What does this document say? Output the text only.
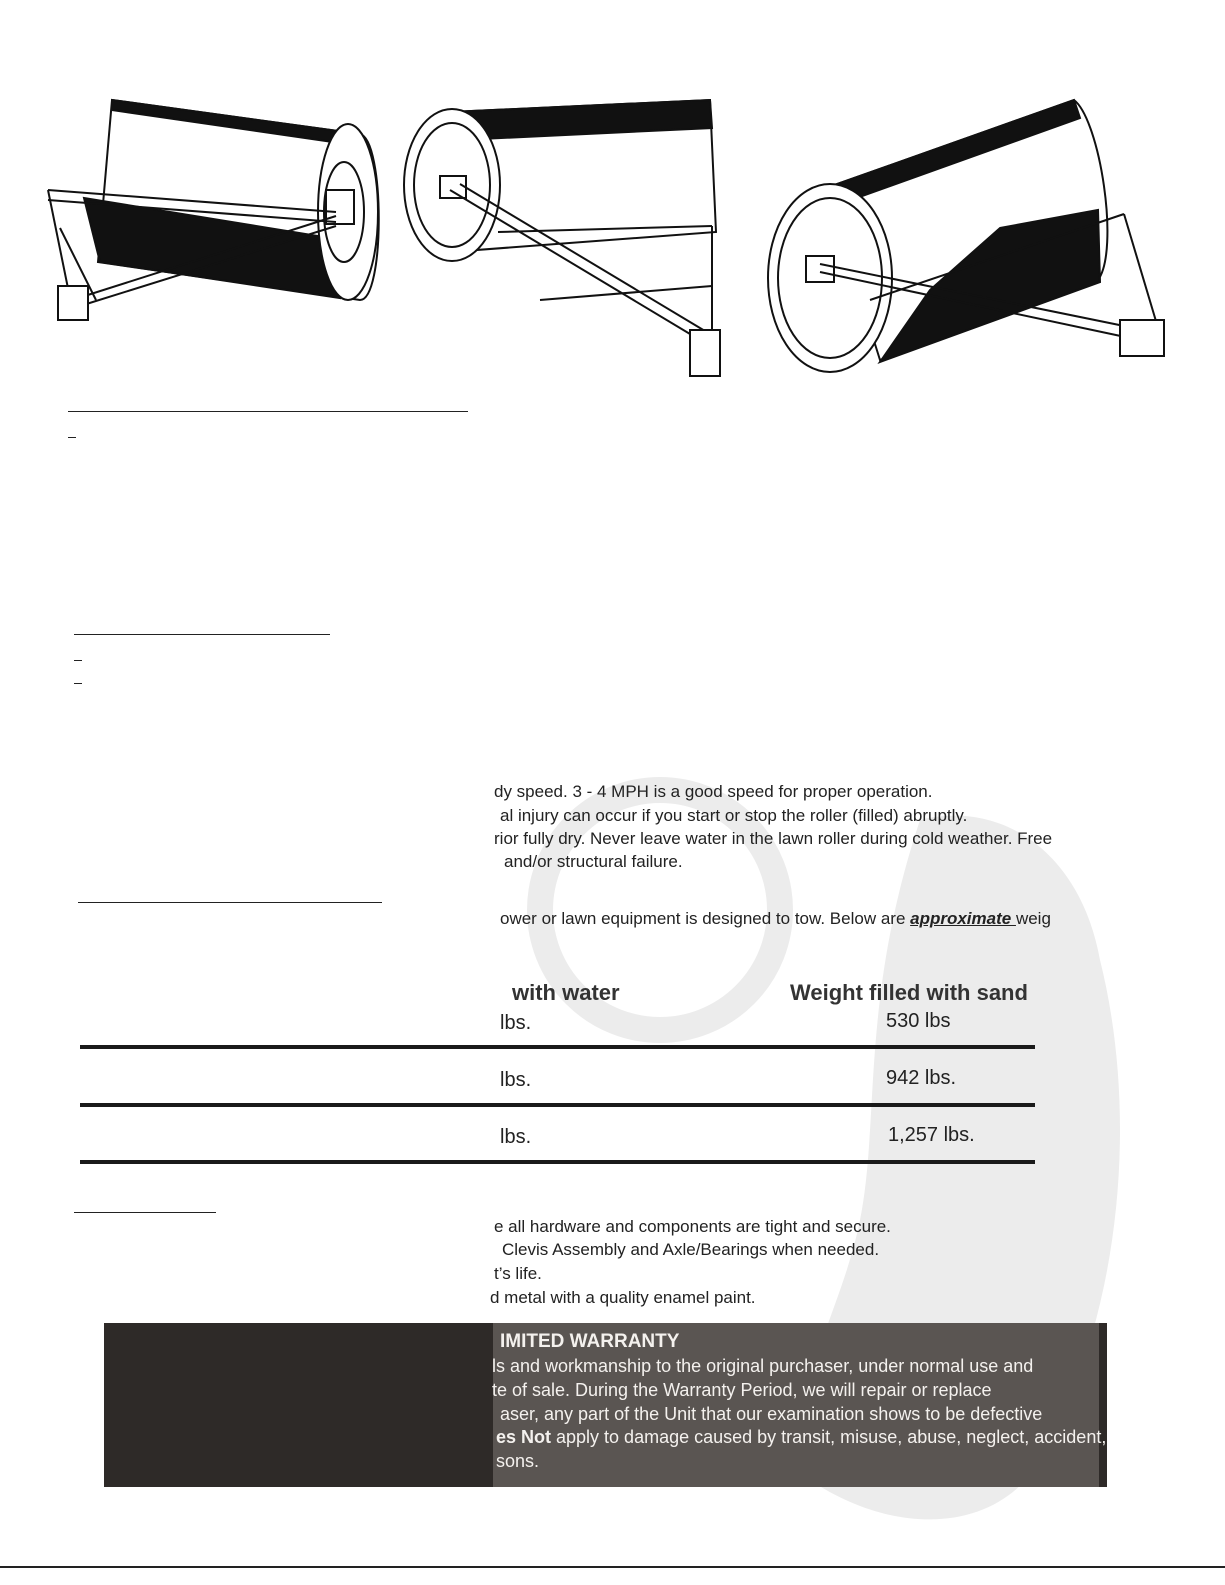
dy speed. 3 - 4 MPH is a good speed for proper operation.
al injury can occur if you start or stop the roller (filled) abruptly.
rior fully dry. Never leave water in the lawn roller during cold weather. Free
and/or structural failure.
ower or lawn equipment is designed to tow. Below are approximate weig
with water	Weight filled with sand
lbs.	530 lbs
lbs.	942 lbs.
lbs.	1,257 lbs.
e all hardware and components are tight and secure.
Clevis Assembly and Axle/Bearings when needed.
t’s life.
d metal with a quality enamel paint.
IMITED WARRANTY
ls and workmanship to the original purchaser, under normal use and
te of sale. During the Warranty Period, we will repair or replace
aser, any part of the Unit that our examination shows to be defective
es Not apply to damage caused by transit, misuse, abuse, neglect, accident,
sons.
